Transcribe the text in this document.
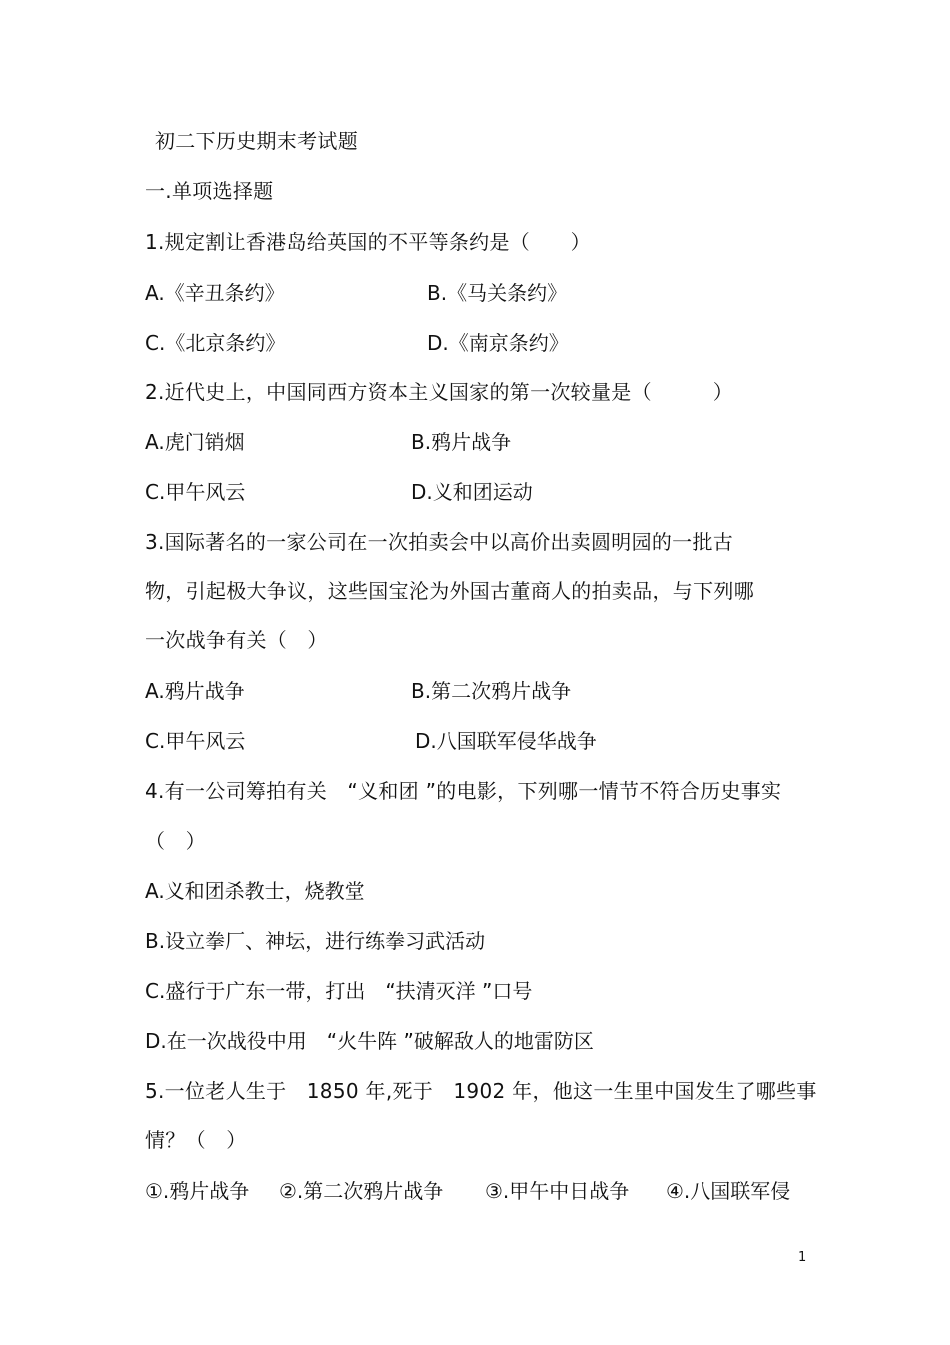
初二下历史期末考试题
一.单项选择题
1.规定割让香港岛给英国的不平等条约是（　　）
A.《辛丑条约》	B.《马关条约》
C.《北京条约》	D.《南京条约》
2.近代史上，中国同西方资本主义国家的第一次较量是（　　　）
A.虎门销烟	B.鸦片战争
C.甲午风云	D.义和团运动
3.国际著名的一家公司在一次拍卖会中以高价出卖圆明园的一批古
物，引起极大争议，这些国宝沦为外国古董商人的拍卖品，与下列哪
一次战争有关（　）
A.鸦片战争	B.第二次鸦片战争
C.甲午风云	D.八国联军侵华战争
4.有一公司筹拍有关　“义和团 ”的电影，下列哪一情节不符合历史事实
（　）
A.义和团杀教士，烧教堂
B.设立拳厂、神坛，进行练拳习武活动
C.盛行于广东一带，打出　“扶清灭洋 ”口号
D.在一次战役中用　“火牛阵 ”破解敌人的地雷防区
5.一位老人生于　1850 年,死于　1902 年，他这一生里中国发生了哪些事
情？（　）
①.鸦片战争 ②.第二次鸦片战争 ③.甲午中日战争 ④.八国联军侵
1
